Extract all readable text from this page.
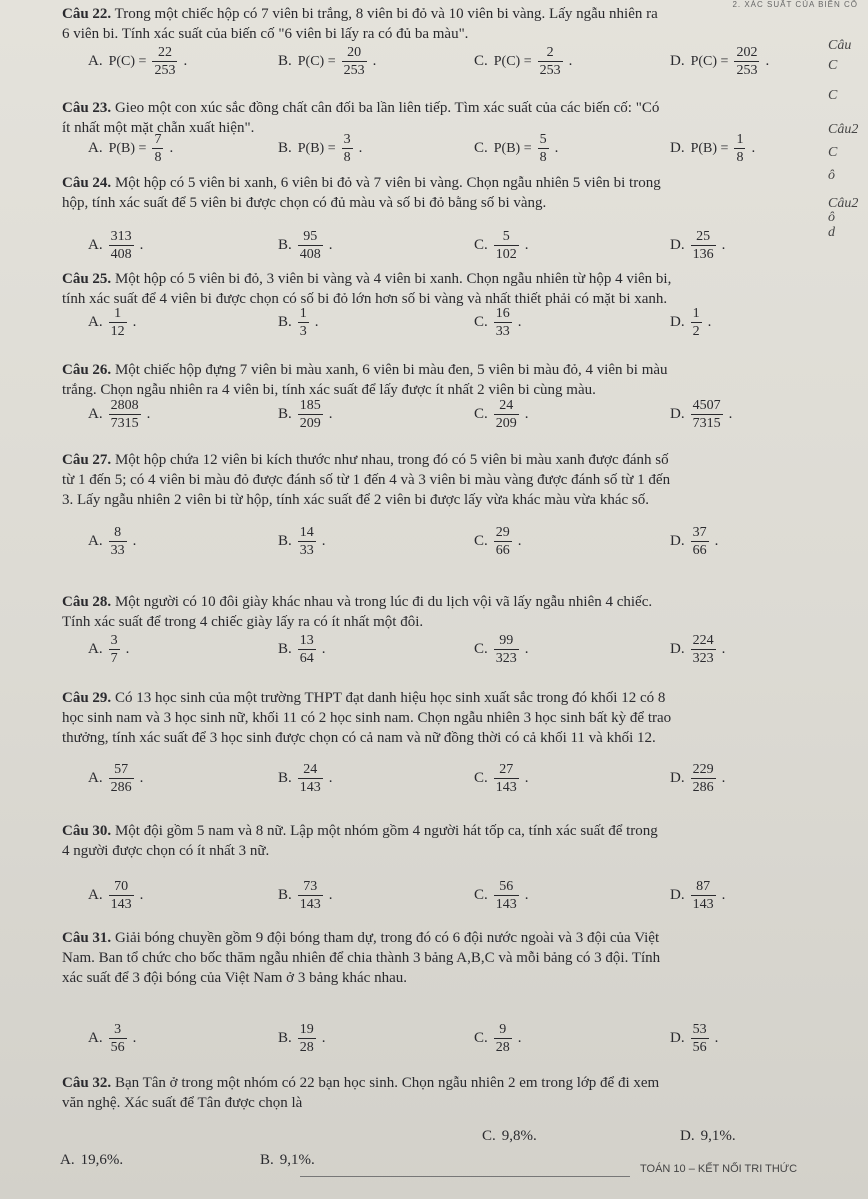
2. XÁC SUẤT CỦA BIẾN CỐ
Câu 22. Trong một chiếc hộp có 7 viên bi trắng, 8 viên bi đỏ và 10 viên bi vàng. Lấy ngẫu nhiên ra
6 viên bi. Tính xác suất của biến cố "6 viên bi lấy ra có đủ ba màu".
A. $P(C) = \frac{22}{253}$ .	B. $P(C) = \frac{20}{253}$ .	C. $P(C) = \frac{2}{253}$ .	D. $P(C) = \frac{202}{253}$ .
Câu 23. Gieo một con xúc sắc đồng chất cân đối ba lần liên tiếp. Tìm xác suất của các biến cố: "Có
ít nhất một mặt chẵn xuất hiện".
A. $P(B) = \frac{7}{8}$ .	B. $P(B) = \frac{3}{8}$ .	C. $P(B) = \frac{5}{8}$ .	D. $P(B) = \frac{1}{8}$ .
Câu 24. Một hộp có 5 viên bi xanh, 6 viên bi đỏ và 7 viên bi vàng. Chọn ngẫu nhiên 5 viên bi trong
hộp, tính xác suất để 5 viên bi được chọn có đủ màu và số bi đỏ bằng số bi vàng.
A. $\frac{313}{408}$ .	B. $\frac{95}{408}$ .	C. $\frac{5}{102}$ .	D. $\frac{25}{136}$ .
Câu 25. Một hộp có 5 viên bi đỏ, 3 viên bi vàng và 4 viên bi xanh. Chọn ngẫu nhiên từ hộp 4 viên bi,
tính xác suất để 4 viên bi được chọn có số bi đỏ lớn hơn số bi vàng và nhất thiết phải có mặt bi xanh.
A. $\frac{1}{12}$ .	B. $\frac{1}{3}$ .	C. $\frac{16}{33}$ .	D. $\frac{1}{2}$ .
Câu 26. Một chiếc hộp đựng 7 viên bi màu xanh, 6 viên bi màu đen, 5 viên bi màu đỏ, 4 viên bi màu
trắng. Chọn ngẫu nhiên ra 4 viên bi, tính xác suất để lấy được ít nhất 2 viên bi cùng màu.
A. $\frac{2808}{7315}$ .	B. $\frac{185}{209}$ .	C. $\frac{24}{209}$ .	D. $\frac{4507}{7315}$ .
Câu 27. Một hộp chứa 12 viên bi kích thước như nhau, trong đó có 5 viên bi màu xanh được đánh số
từ 1 đến 5; có 4 viên bi màu đỏ được đánh số từ 1 đến 4 và 3 viên bi màu vàng được đánh số từ 1 đến
3. Lấy ngẫu nhiên 2 viên bi từ hộp, tính xác suất để 2 viên bi được lấy vừa khác màu vừa khác số.
A. $\frac{8}{33}$ .	B. $\frac{14}{33}$ .	C. $\frac{29}{66}$ .	D. $\frac{37}{66}$ .
Câu 28. Một người có 10 đôi giày khác nhau và trong lúc đi du lịch vội vã lấy ngẫu nhiên 4 chiếc.
Tính xác suất để trong 4 chiếc giày lấy ra có ít nhất một đôi.
A. $\frac{3}{7}$ .	B. $\frac{13}{64}$ .	C. $\frac{99}{323}$ .	D. $\frac{224}{323}$ .
Câu 29. Có 13 học sinh của một trường THPT đạt danh hiệu học sinh xuất sắc trong đó khối 12 có 8
học sinh nam và 3 học sinh nữ, khối 11 có 2 học sinh nam. Chọn ngẫu nhiên 3 học sinh bất kỳ để trao
thưởng, tính xác suất để 3 học sinh được chọn có cả nam và nữ đồng thời có cả khối 11 và khối 12.
A. $\frac{57}{286}$ .	B. $\frac{24}{143}$ .	C. $\frac{27}{143}$ .	D. $\frac{229}{286}$ .
Câu 30. Một đội gồm 5 nam và 8 nữ. Lập một nhóm gồm 4 người hát tốp ca, tính xác suất để trong
4 người được chọn có ít nhất 3 nữ.
A. $\frac{70}{143}$ .	B. $\frac{73}{143}$ .	C. $\frac{56}{143}$ .	D. $\frac{87}{143}$ .
Câu 31. Giải bóng chuyền gồm 9 đội bóng tham dự, trong đó có 6 đội nước ngoài và 3 đội của Việt
Nam. Ban tổ chức cho bốc thăm ngẫu nhiên để chia thành 3 bảng A,B,C và mỗi bảng có 3 đội. Tính
xác suất để 3 đội bóng của Việt Nam ở 3 bảng khác nhau.
A. $\frac{3}{56}$ .	B. $\frac{19}{28}$ .	C. $\frac{9}{28}$ .	D. $\frac{53}{56}$ .
Câu 32. Bạn Tân ở trong một nhóm có 22 bạn học sinh. Chọn ngẫu nhiên 2 em trong lớp để đi xem
văn nghệ. Xác suất để Tân được chọn là
A. 19,6%.	B. 9,1%.
C. 9,8%.	D. 9,1%.
Câu
C
C
Câu2
C
ô
Câu2
ô
d
TOÁN 10 – KẾT NỐI TRI THỨC
